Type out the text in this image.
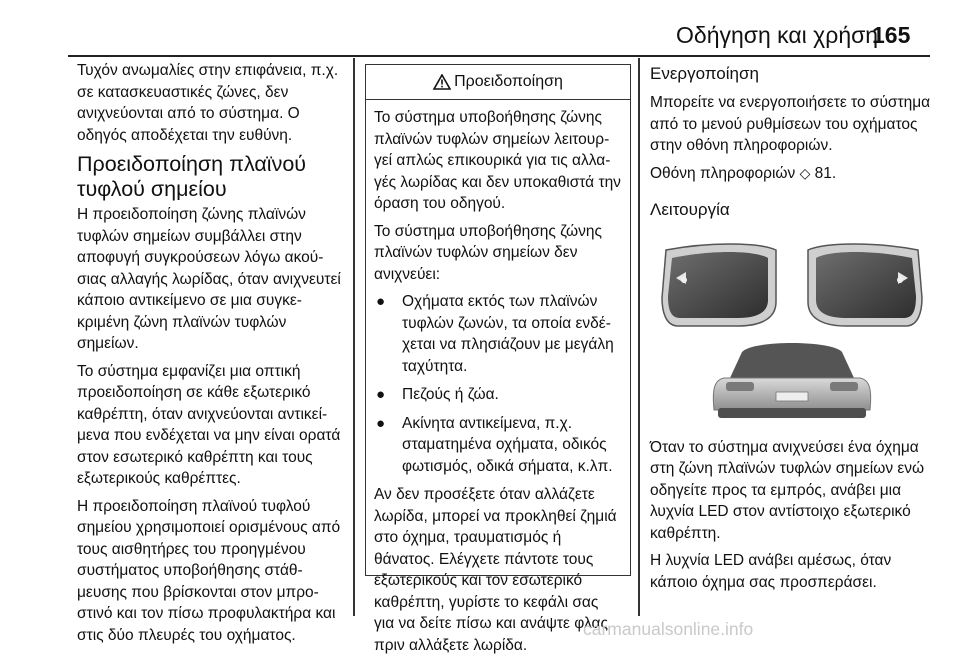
Οδήγηση και χρήση
165

Τυχόν ανωμαλίες στην επιφάνεια, π.χ. σε κατασκευαστικές ζώνες, δεν ανιχνεύονται από το σύστημα. Ο οδηγός αποδέχεται την ευθύνη.

Προειδοποίηση πλαϊνού τυφλού σημείου

Η προειδοποίηση ζώνης πλαϊνών τυφλών σημείων συμβάλλει στην αποφυγή συγκρούσεων λόγω ακούσιας αλλαγής λωρίδας, όταν ανιχνευτεί κάποιο αντικείμενο σε μια συγκεκριμένη ζώνη πλαϊνών τυφλών σημείων.

Το σύστημα εμφανίζει μια οπτική προειδοποίηση σε κάθε εξωτερικό καθρέπτη, όταν ανιχνεύονται αντικείμενα που ενδέχεται να μην είναι ορατά στον εσωτερικό καθρέπτη και τους εξωτερικούς καθρέπτες.

Η προειδοποίηση πλαϊνού τυφλού σημείου χρησιμοποιεί ορισμένους από τους αισθητήρες του προηγμένου συστήματος υποβοήθησης στάθμευσης που βρίσκονται στον μπροστινό και τον πίσω προφυλακτήρα και στις δύο πλευρές του οχήματος.

Προειδοποίηση

Το σύστημα υποβοήθησης ζώνης πλαϊνών τυφλών σημείων λειτουργεί απλώς επικουρικά για τις αλλαγές λωρίδας και δεν υποκαθιστά την όραση του οδηγού.

Το σύστημα υποβοήθησης ζώνης πλαϊνών τυφλών σημείων δεν ανιχνεύει:

● Οχήματα εκτός των πλαϊνών τυφλών ζωνών, τα οποία ενδέχεται να πλησιάζουν με μεγάλη ταχύτητα.
● Πεζούς ή ζώα.
● Ακίνητα αντικείμενα, π.χ. σταματημένα οχήματα, οδικός φωτισμός, οδικά σήματα, κ.λπ.

Αν δεν προσέξετε όταν αλλάζετε λωρίδα, μπορεί να προκληθεί ζημιά στο όχημα, τραυματισμός ή θάνατος. Ελέγχετε πάντοτε τους εξωτερικούς και τον εσωτερικό καθρέπτη, γυρίστε το κεφάλι σας για να δείτε πίσω και ανάψτε φλας πριν αλλάξετε λωρίδα.

Ενεργοποίηση

Μπορείτε να ενεργοποιήσετε το σύστημα από το μενού ρυθμίσεων του οχήματος στην οθόνη πληροφοριών.

Οθόνη πληροφοριών ◇ 81.

Λειτουργία

Όταν το σύστημα ανιχνεύσει ένα όχημα στη ζώνη πλαϊνών τυφλών σημείων ενώ οδηγείτε προς τα εμπρός, ανάβει μια λυχνία LED στον αντίστοιχο εξωτερικό καθρέπτη.

Η λυχνία LED ανάβει αμέσως, όταν κάποιο όχημα σας προσπεράσει.

carmanualsonline.info
